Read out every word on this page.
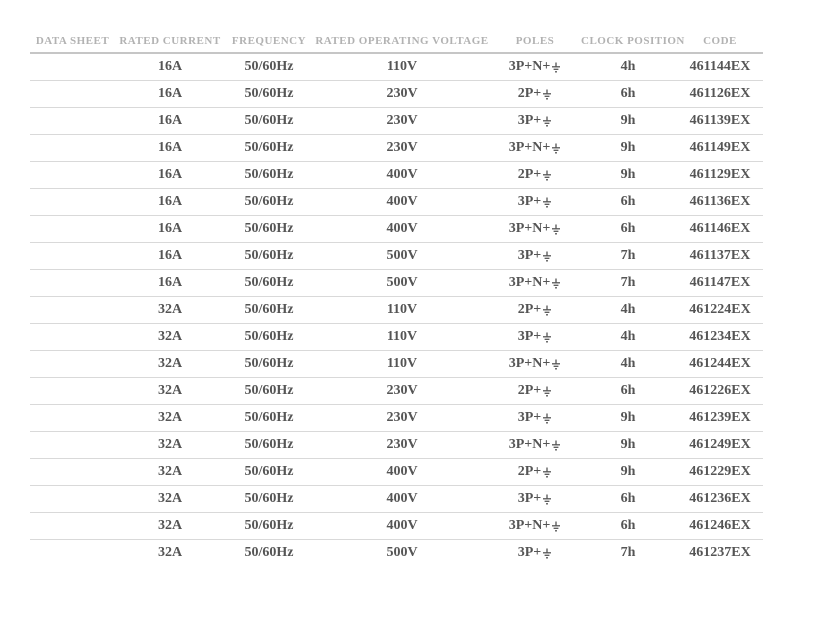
DATA SHEET	RATED CURRENT	FREQUENCY	RATED OPERATING VOLTAGE	POLES	CLOCK POSITION	CODE
	16A	50/60Hz	110V	3P+N+	4h	461144EX
	16A	50/60Hz	230V	2P+	6h	461126EX
	16A	50/60Hz	230V	3P+	9h	461139EX
	16A	50/60Hz	230V	3P+N+	9h	461149EX
	16A	50/60Hz	400V	2P+	9h	461129EX
	16A	50/60Hz	400V	3P+	6h	461136EX
	16A	50/60Hz	400V	3P+N+	6h	461146EX
	16A	50/60Hz	500V	3P+	7h	461137EX
	16A	50/60Hz	500V	3P+N+	7h	461147EX
	32A	50/60Hz	110V	2P+	4h	461224EX
	32A	50/60Hz	110V	3P+	4h	461234EX
	32A	50/60Hz	110V	3P+N+	4h	461244EX
	32A	50/60Hz	230V	2P+	6h	461226EX
	32A	50/60Hz	230V	3P+	9h	461239EX
	32A	50/60Hz	230V	3P+N+	9h	461249EX
	32A	50/60Hz	400V	2P+	9h	461229EX
	32A	50/60Hz	400V	3P+	6h	461236EX
	32A	50/60Hz	400V	3P+N+	6h	461246EX
	32A	50/60Hz	500V	3P+	7h	461237EX
